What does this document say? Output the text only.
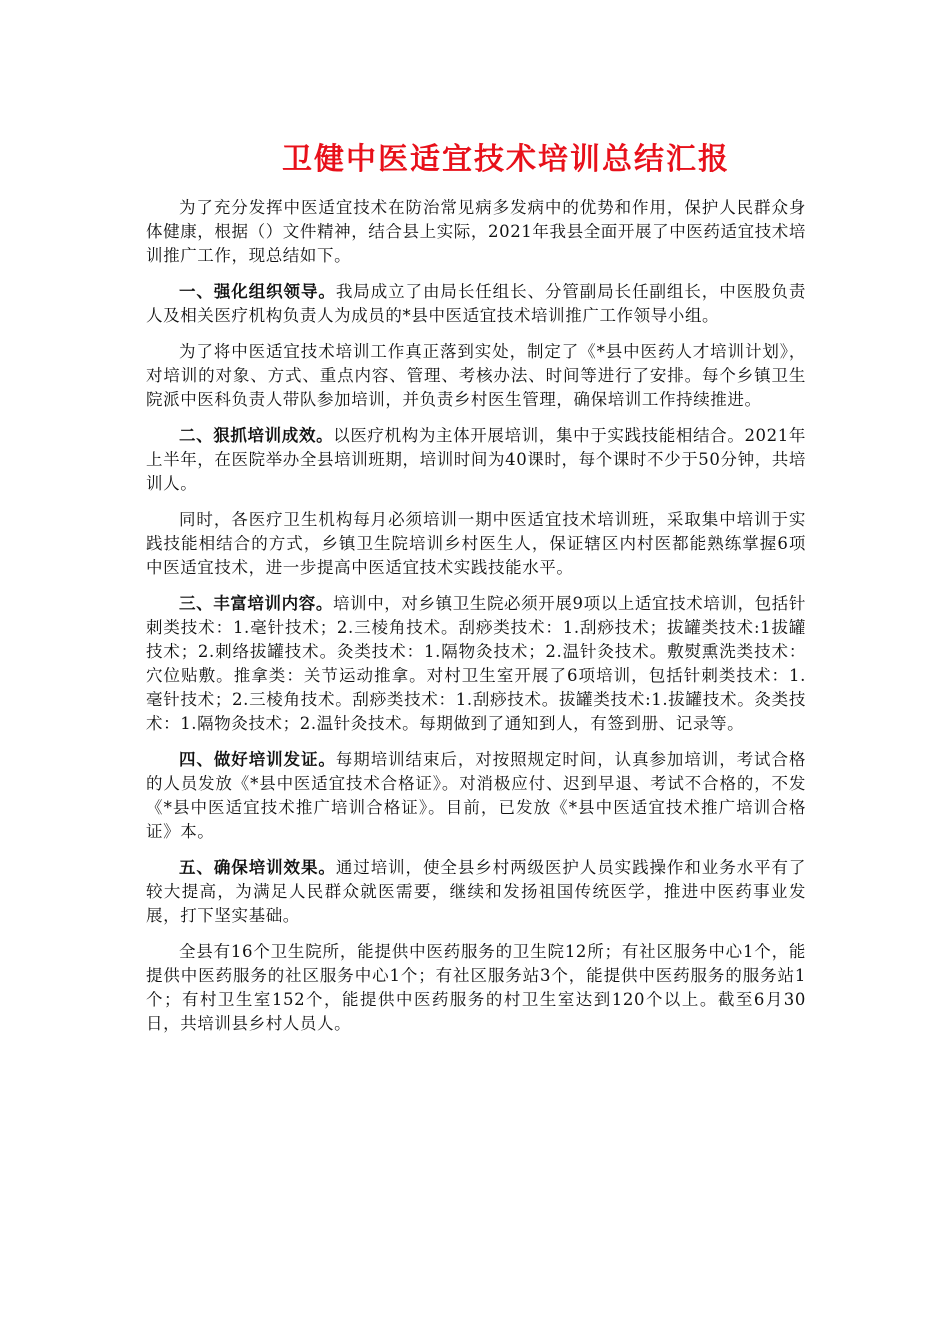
卫健中医适宜技术培训总结汇报

为了充分发挥中医适宜技术在防治常见病多发病中的优势和作用，保护人民群众身体健康，根据（）文件精神，结合县上实际，2021年我县全面开展了中医药适宜技术培训推广工作，现总结如下。

一、强化组织领导。我局成立了由局长任组长、分管副局长任副组长，中医股负责人及相关医疗机构负责人为成员的*县中医适宜技术培训推广工作领导小组。

为了将中医适宜技术培训工作真正落到实处，制定了《*县中医药人才培训计划》，对培训的对象、方式、重点内容、管理、考核办法、时间等进行了安排。每个乡镇卫生院派中医科负责人带队参加培训，并负责乡村医生管理，确保培训工作持续推进。

二、狠抓培训成效。以医疗机构为主体开展培训，集中于实践技能相结合。2021年上半年，在医院举办全县培训班期，培训时间为40课时，每个课时不少于50分钟，共培训人。

同时，各医疗卫生机构每月必须培训一期中医适宜技术培训班，采取集中培训于实践技能相结合的方式，乡镇卫生院培训乡村医生人，保证辖区内村医都能熟练掌握6项中医适宜技术，进一步提高中医适宜技术实践技能水平。

三、丰富培训内容。培训中，对乡镇卫生院必须开展9项以上适宜技术培训，包括针刺类技术：1.毫针技术；2.三棱角技术。刮痧类技术：1.刮痧技术；拔罐类技术:1拔罐技术；2.刺络拔罐技术。灸类技术：1.隔物灸技术；2.温针灸技术。敷熨熏洗类技术：穴位贴敷。推拿类：关节运动推拿。对村卫生室开展了6项培训，包括针刺类技术：1.毫针技术；2.三棱角技术。刮痧类技术：1.刮痧技术。拔罐类技术:1.拔罐技术。灸类技术：1.隔物灸技术；2.温针灸技术。每期做到了通知到人，有签到册、记录等。

四、做好培训发证。每期培训结束后，对按照规定时间，认真参加培训，考试合格的人员发放《*县中医适宜技术合格证》。对消极应付、迟到早退、考试不合格的，不发《*县中医适宜技术推广培训合格证》。目前，已发放《*县中医适宜技术推广培训合格证》本。

五、确保培训效果。通过培训，使全县乡村两级医护人员实践操作和业务水平有了较大提高，为满足人民群众就医需要，继续和发扬祖国传统医学，推进中医药事业发展，打下坚实基础。

全县有16个卫生院所，能提供中医药服务的卫生院12所；有社区服务中心1个，能提供中医药服务的社区服务中心1个；有社区服务站3个，能提供中医药服务的服务站1个；有村卫生室152个，能提供中医药服务的村卫生室达到120个以上。截至6月30日，共培训县乡村人员人。
